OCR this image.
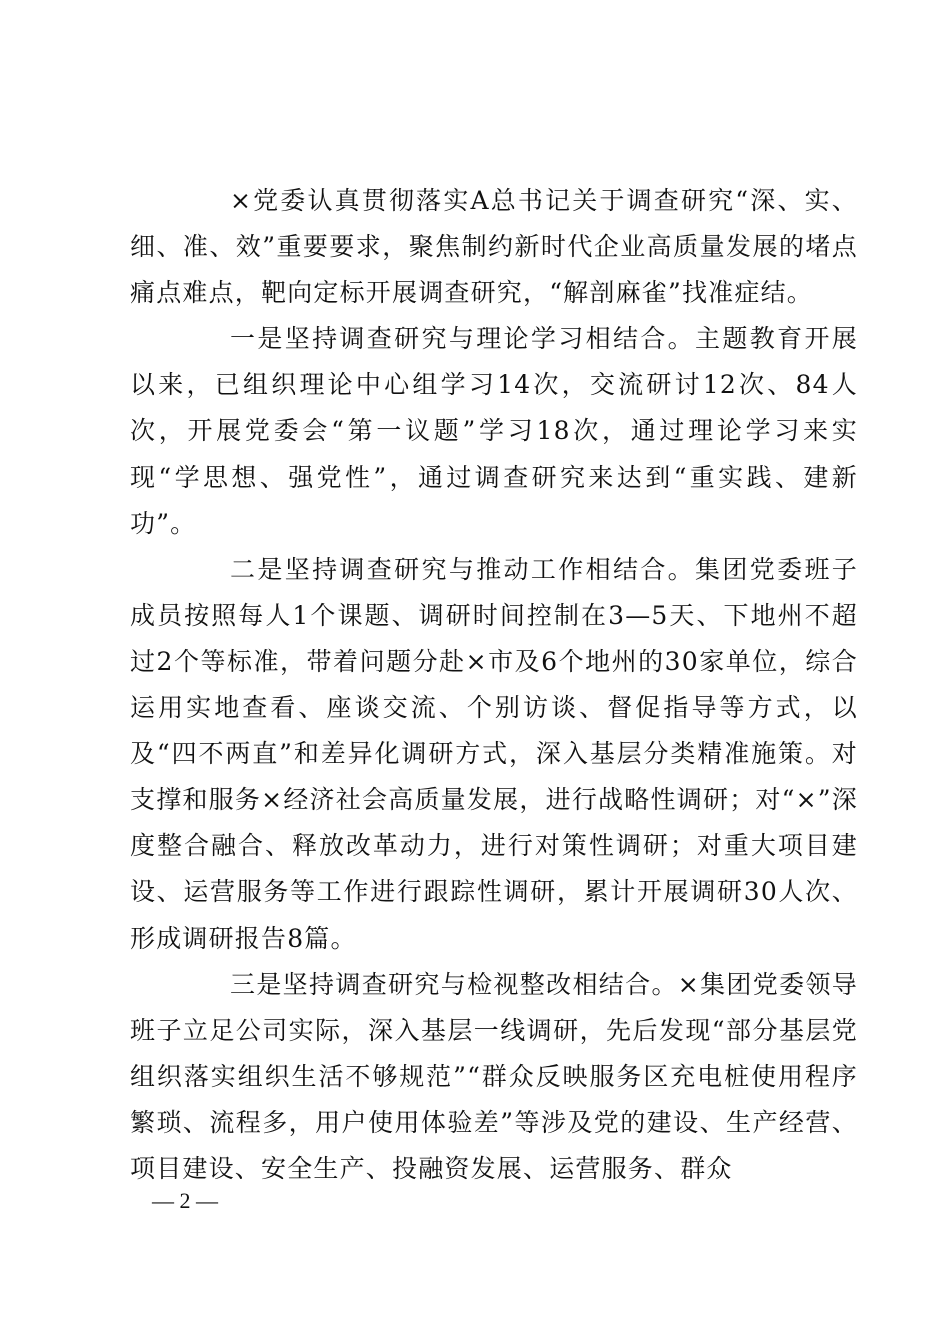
×党委认真贯彻落实A总书记关于调查研究“深、实、细、准、效”重要要求，聚焦制约新时代企业高质量发展的堵点痛点难点，靶向定标开展调查研究，“解剖麻雀”找准症结。

一是坚持调查研究与理论学习相结合。主题教育开展以来，已组织理论中心组学习14次，交流研讨12次、84人次，开展党委会“第一议题”学习18次，通过理论学习来实现“学思想、强党性”，通过调查研究来达到“重实践、建新功”。

二是坚持调查研究与推动工作相结合。集团党委班子成员按照每人1个课题、调研时间控制在3—5天、下地州不超过2个等标准，带着问题分赴×市及6个地州的30家单位，综合运用实地查看、座谈交流、个别访谈、督促指导等方式，以及“四不两直”和差异化调研方式，深入基层分类精准施策。对支撑和服务×经济社会高质量发展，进行战略性调研；对“×”深度整合融合、释放改革动力，进行对策性调研；对重大项目建设、运营服务等工作进行跟踪性调研，累计开展调研30人次、形成调研报告8篇。

三是坚持调查研究与检视整改相结合。×集团党委领导班子立足公司实际，深入基层一线调研，先后发现“部分基层党组织落实组织生活不够规范”“群众反映服务区充电桩使用程序繁琐、流程多，用户使用体验差”等涉及党的建设、生产经营、项目建设、安全生产、投融资发展、运营服务、群众

— 2 —
